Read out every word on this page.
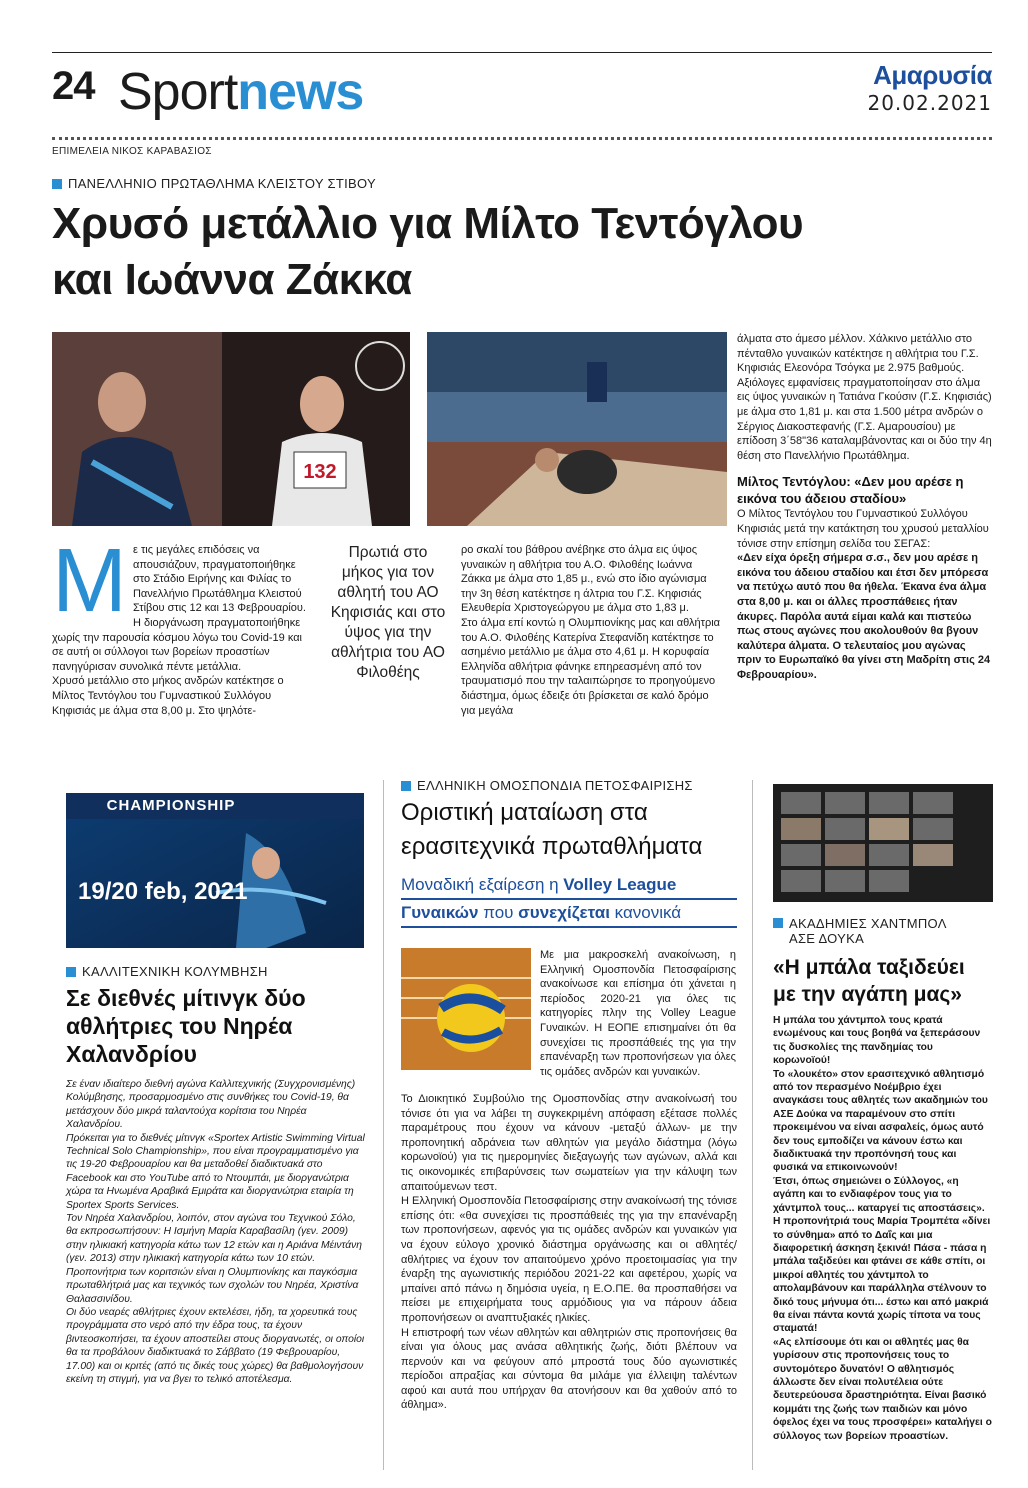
24 Sportnews	Αμαρυσία
20.02.2021
ΕΠΙΜΕΛΕΙΑ ΝΙΚΟΣ ΚΑΡΑΒΑΣΙΟΣ
ΠΑΝΕΛΛΗΝΙΟ ΠΡΩΤΑΘΛΗΜΑ ΚΛΕΙΣΤΟΥ ΣΤΙΒΟΥ
Χρυσό μετάλλιο για Μίλτο Τεντόγλου
και Ιωάννα Ζάκκα
132
Μ ε τις μεγάλες επιδόσεις να απουσιάζουν, πραγματοποιήθηκε στο Στάδιο Ειρήνης και Φιλίας το Πανελλήνιο Πρωτάθλημα Κλειστού Στίβου στις 12 και 13 Φεβρουαρίου. Η διοργάνωση πραγματοποιήθηκε χωρίς την παρουσία κόσμου λόγω του Covid-19 και σε αυτή οι σύλλογοι των βορείων προαστίων πανηγύρισαν συνολικά πέντε μετάλλια.
Χρυσό μετάλλιο στο μήκος ανδρών κατέκτησε ο Μίλτος Τεντόγλου του Γυμναστικού Συλλόγου Κηφισιάς με άλμα στα 8,00 μ. Στο ψηλότε-
Πρωτιά στο μήκος για τον αθλητή του ΑΟ Κηφισιάς και στο ύψος για την αθλήτρια του ΑΟ Φιλοθέης
ρο σκαλί του βάθρου ανέβηκε στο άλμα εις ύψος γυναικών η αθλήτρια του Α.Ο. Φιλοθέης Ιωάννα Ζάκκα με άλμα στο 1,85 μ., ενώ στο ίδιο αγώνισμα την 3η θέση κατέκτησε η άλτρια του Γ.Σ. Κηφισιάς Ελευθερία Χριστογεώργου με άλμα στο 1,83 μ.
Στο άλμα επί κοντώ η Ολυμπιονίκης μας και αθλήτρια του Α.Ο. Φιλοθέης Κατερίνα Στεφανίδη κατέκτησε το ασημένιο μετάλλιο με άλμα στο 4,61 μ. Η κορυφαία Ελληνίδα αθλήτρια φάνηκε επηρεασμένη από τον τραυματισμό που την ταλαιπώρησε το προηγούμενο διάστημα, όμως έδειξε ότι βρίσκεται σε καλό δρόμο για μεγάλα
άλματα στο άμεσο μέλλον. Χάλκινο μετάλλιο στο πένταθλο γυναικών κατέκτησε η αθλήτρια του Γ.Σ. Κηφισιάς Ελεονόρα Τσόγκα με 2.975 βαθμούς.
Αξιόλογες εμφανίσεις πραγματοποίησαν στο άλμα εις ύψος γυναικών η Τατιάνα Γκούσιν (Γ.Σ. Κηφισιάς) με άλμα στο 1,81 μ. και στα 1.500 μέτρα ανδρών ο Σέργιος Διακοστεφανής (Γ.Σ. Αμαρουσίου) με επίδοση 3΄58"36 καταλαμβάνοντας και οι δύο την 4η θέση στο Πανελλήνιο Πρωτάθλημα.
Μίλτος Τεντόγλου: «Δεν μου αρέσε η εικόνα του άδειου σταδίου»
Ο Μίλτος Τεντόγλου του Γυμναστικού Συλλόγου Κηφισιάς μετά την κατάκτηση του χρυσού μεταλλίου τόνισε στην επίσημη σελίδα του ΣΕΓΑΣ:
«Δεν είχα όρεξη σήμερα σ.σ., δεν μου αρέσε η εικόνα του άδειου σταδίου και έτσι δεν μπόρεσα να πετύχω αυτό που θα ήθελα. Έκανα ένα άλμα στα 8,00 μ. και οι άλλες προσπάθειες ήταν άκυρες. Παρόλα αυτά είμαι καλά και πιστεύω πως στους αγώνες που ακολουθούν θα βγουν καλύτερα άλματα. Ο τελευταίος μου αγώνας πριν το Ευρωπαϊκό θα γίνει στη Μαδρίτη στις 24 Φεβρουαρίου».
CHAMPIONSHIP
19/20 feb, 2021
ΚΑΛΛΙΤΕΧΝΙΚΗ ΚΟΛΥΜΒΗΣΗ
Σε διεθνές μίτινγκ δύο αθλήτριες του Νηρέα Χαλανδρίου
Σε έναν ιδιαίτερο διεθνή αγώνα Καλλιτεχνικής (Συγχρονισμένης) Κολύμβησης, προσαρμοσμένο στις συνθήκες του Covid-19, θα μετάσχουν δύο μικρά ταλαντούχα κορίτσια του Νηρέα Χαλανδρίου.
Πρόκειται για το διεθνές μίτινγκ «Sportex Artistic Swimming Virtual Technical Solo Championship», που είναι προγραμματισμένο για τις 19-20 Φεβρουαρίου και θα μεταδοθεί διαδικτυακά στο Facebook και στο YouTube από το Ντουμπάι, με διοργανώτρια χώρα τα Ηνωμένα Αραβικά Εμιράτα και διοργανώτρια εταιρία τη Sportex Sports Services.
Τον Νηρέα Χαλανδρίου, λοιπόν, στον αγώνα του Τεχνικού Σόλο, θα εκπροσωπήσουν: Η Ισμήνη Μαρία Καραβασίλη (γεν. 2009) στην ηλικιακή κατηγορία κάτω των 12 ετών και η Αριάνα Μέιντάνη (γεν. 2013) στην ηλικιακή κατηγορία κάτω των 10 ετών. Προπονήτρια των κοριτσιών είναι η Ολυμπιονίκης και παγκόσμια πρωταθλήτριά μας και τεχνικός των σχολών του Νηρέα, Χριστίνα Θαλασσινίδου.
Οι δύο νεαρές αθλήτριες έχουν εκτελέσει, ήδη, τα χορευτικά τους προγράμματα στο νερό από την έδρα τους, τα έχουν βιντεοσκοπήσει, τα έχουν αποστείλει στους διοργανωτές, οι οποίοι θα τα προβάλουν διαδικτυακά το Σάββατο (19 Φεβρουαρίου, 17.00) και οι κριτές (από τις δικές τους χώρες) θα βαθμολογήσουν εκείνη τη στιγμή, για να βγει το τελικό αποτέλεσμα.
ΕΛΛΗΝΙΚΗ ΟΜΟΣΠΟΝΔΙΑ ΠΕΤΟΣΦΑΙΡΙΣΗΣ
Οριστική ματαίωση στα
ερασιτεχνικά πρωταθλήματα
Μοναδική εξαίρεση η Volley League
Γυναικών που συνεχίζεται κανονικά
Με μια μακροσκελή ανακοίνωση, η Ελληνική Ομοσπονδία Πετοσφαίρισης ανακοίνωσε και επίσημα ότι χάνεται η περίοδος 2020-21 για όλες τις κατηγορίες πλην της Volley League Γυναικών. Η ΕΟΠΕ επισημαίνει ότι θα συνεχίσει τις προσπάθειές της για την επανέναρξη των προπονήσεων για όλες τις ομάδες ανδρών και γυναικών.
Το Διοικητικό Συμβούλιο της Ομοσπονδίας στην ανακοίνωσή του τόνισε ότι για να λάβει τη συγκεκριμένη απόφαση εξέτασε πολλές παραμέτρους που έχουν να κάνουν -μεταξύ άλλων- με την προπονητική αδράνεια των αθλητών για μεγάλο διάστημα (λόγω κορωνοϊού) για τις ημερομηνίες διεξαγωγής των αγώνων, αλλά και τις οικονομικές επιβαρύνσεις των σωματείων για την κάλυψη των απαιτούμενων τεστ.
Η Ελληνική Ομοσπονδία Πετοσφαίρισης στην ανακοίνωσή της τόνισε επίσης ότι: «θα συνεχίσει τις προσπάθειές της για την επανέναρξη των προπονήσεων, αφενός για τις ομάδες ανδρών και γυναικών για να έχουν εύλογο χρονικό διάστημα οργάνωσης και οι αθλητές/αθλήτριες να έχουν τον απαιτούμενο χρόνο προετοιμασίας για την έναρξη της αγωνιστικής περιόδου 2021-22 και αφετέρου, χωρίς να μπαίνει από πάνω η δημόσια υγεία, η Ε.Ο.ΠΕ. θα προσπαθήσει να πείσει με επιχειρήματα τους αρμόδιους για να πάρουν άδεια προπονήσεων οι αναπτυξιακές ηλικίες.
Η επιστροφή των νέων αθλητών και αθλητριών στις προπονήσεις θα είναι για όλους μας ανάσα αθλητικής ζωής, διότι βλέπουν να περνούν και να φεύγουν από μπροστά τους δύο αγωνιστικές περίοδοι απραξίας και σύντομα θα μιλάμε για έλλειψη ταλέντων αφού και αυτά που υπήρχαν θα ατονήσουν και θα χαθούν από το άθλημα».
ΑΚΑΔΗΜΙΕΣ ΧΑΝΤΜΠΟΛ
ΑΣΕ ΔΟΥΚΑ
«Η μπάλα ταξιδεύει με την αγάπη μας»
Η μπάλα του χάντμπολ τους κρατά ενωμένους και τους βοηθά να ξεπεράσουν τις δυσκολίες της πανδημίας του κορωνοϊού!
Το «λουκέτο» στον ερασιτεχνικό αθλητισμό από τον περασμένο Νοέμβριο έχει αναγκάσει τους αθλητές των ακαδημιών του ΑΣΕ Δούκα να παραμένουν στο σπίτι προκειμένου να είναι ασφαλείς, όμως αυτό δεν τους εμποδίζει να κάνουν έστω και διαδικτυακά την προπόνησή τους και φυσικά να επικοινωνούν!
Έτσι, όπως σημειώνει ο Σύλλογος, «η αγάπη και το ενδιαφέρον τους για το χάντμπολ τους... καταργεί τις αποστάσεις». Η προπονήτριά τους Μαρία Τρομπέτα «δίνει το σύνθημα» από το Δαΐς και μια διαφορετική άσκηση ξεκινά! Πάσα - πάσα η μπάλα ταξιδεύει και φτάνει σε κάθε σπίτι, οι μικροί αθλητές του χάντμπολ το απολαμβάνουν και παράλληλα στέλνουν το δικό τους μήνυμα ότι... έστω και από μακριά θα είναι πάντα κοντά χωρίς τίποτα να τους σταματά!
«Ας ελπίσουμε ότι και οι αθλητές μας θα γυρίσουν στις προπονήσεις τους το συντομότερο δυνατόν! Ο αθλητισμός άλλωστε δεν είναι πολυτέλεια ούτε δευτερεύουσα δραστηριότητα. Είναι βασικό κομμάτι της ζωής των παιδιών και μόνο όφελος έχει να τους προσφέρει» καταλήγει ο σύλλογος των βορείων προαστίων.
